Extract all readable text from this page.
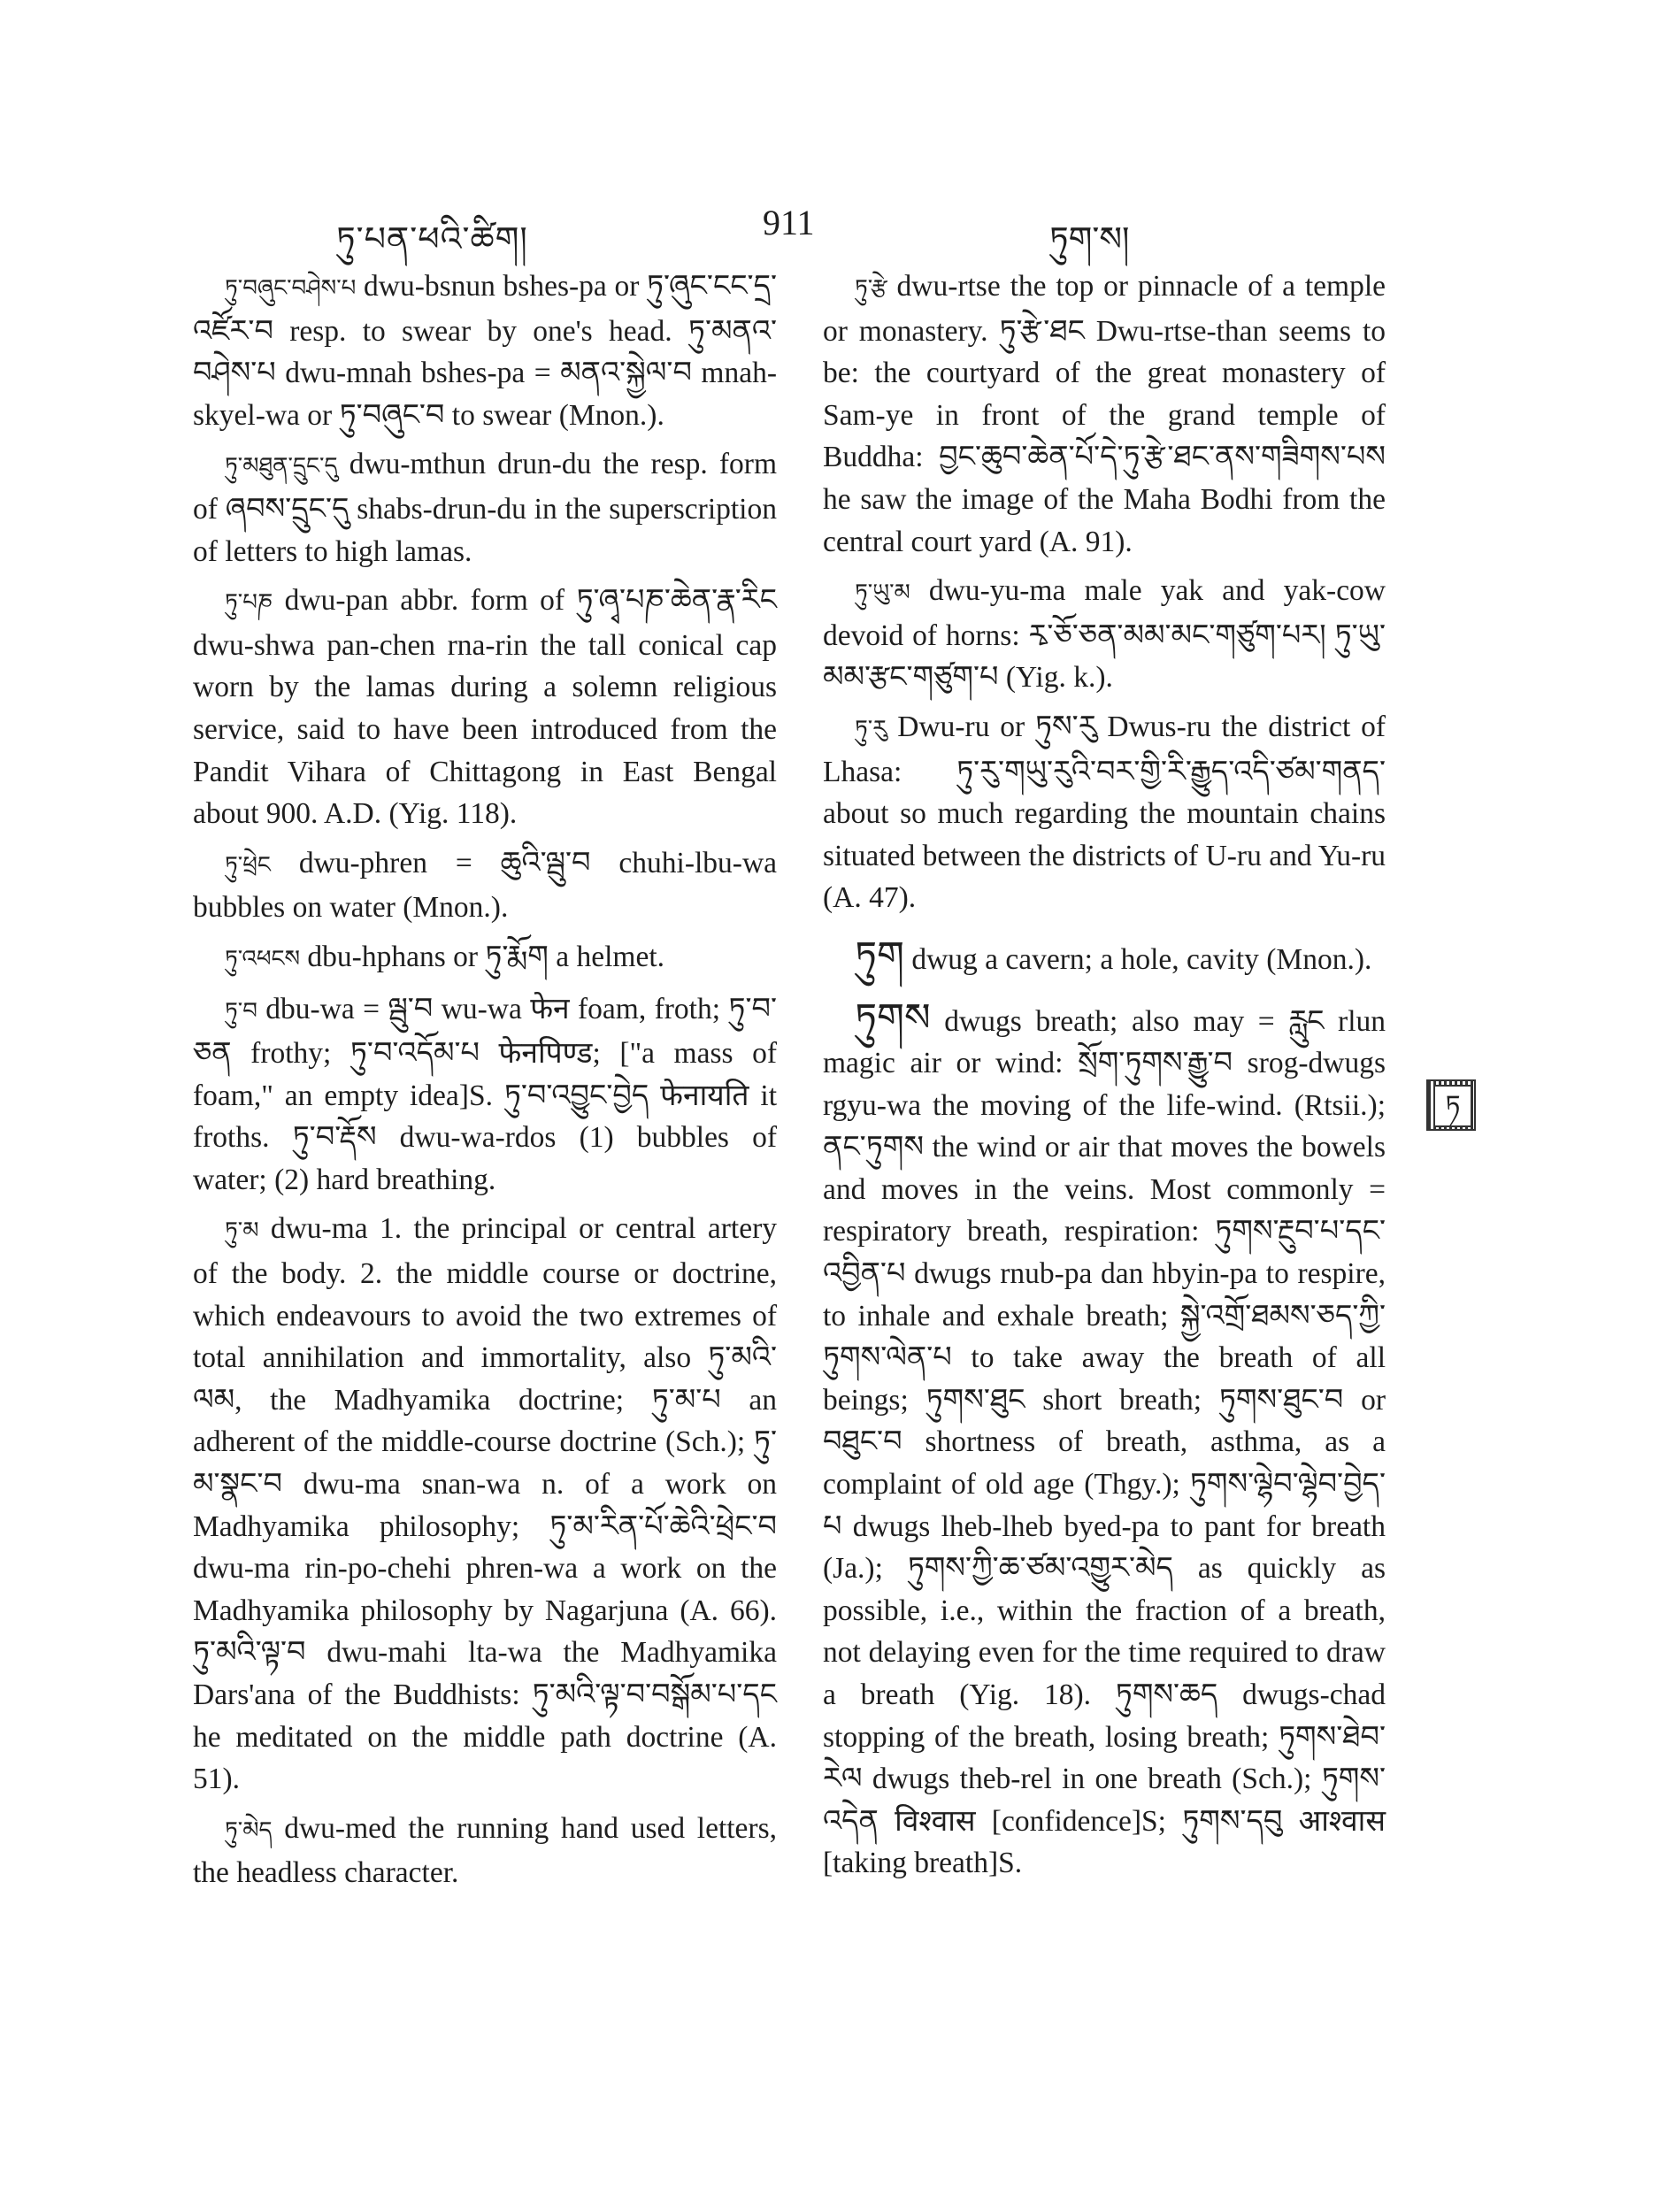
ཏུ་པན་ཕའི་ཚིག།	911	ཏུག་ས།

ཏུ་བཞུང་བཤེས་པ dwu-bsnun bshes-pa or ཏུ་ཞུང་ངང་དྲ་འཛོར་བ resp. to swear by one's head. ཏུ་མནའ་བཤེས་པ dwu-mnah bshes-pa = མནའ་སྐྱེལ་བ mnah-skyel-wa or ཏུ་བཞུང་བ to swear (Mnon.).

ཏུ་མཐུན་དྲུང་དུ dwu-mthun drun-du the resp. form of ཞབས་དྲུང་དུ shabs-drun-du in the superscription of letters to high lamas.

ཏུ་པཎ dwu-pan abbr. form of ཏུ་ཞྭ་པཎ་ཆེན་རྣ་རིང dwu-shwa pan-chen rna-rin the tall conical cap worn by the lamas during a solemn religious service, said to have been introduced from the Pandit Vihara of Chittagong in East Bengal about 900. A.D. (Yig. 118).

ཏུ་ཕྲེང dwu-phren = ཆུའི་ལྦུ་བ chuhi-lbu-wa bubbles on water (Mnon.).

ཏུ་འཕངས dbu-hphans or ཏུ་རྨོག a helmet.

ཏུ་བ dbu-wa = ལྦུ་བ wu-wa फेन foam, froth; ཏུ་བ་ཅན frothy; ཏུ་བ་འདོམ་པ फेनपिण्ड; ["a mass of foam," an empty idea]S. ཏུ་བ་འབྱུང་བྱེད फेनायति it froths. ཏུ་བ་རྡོས dwu-wa-rdos (1) bubbles of water; (2) hard breathing.

ཏུ་མ dwu-ma 1. the principal or central artery of the body. 2. the middle course or doctrine, which endeavours to avoid the two extremes of total annihilation and immortality, also ཏུ་མའི་ལམ, the Madhyamika doctrine; ཏུ་མ་པ an adherent of the middle-course doctrine (Sch.); ཏུ་མ་སྣང་བ dwu-ma snan-wa n. of a work on Madhyamika philosophy; ཏུ་མ་རིན་པོ་ཆེའི་ཕྲེང་བ dwu-ma rin-po-chehi phren-wa a work on the Madhyamika philosophy by Nagarjuna (A. 66). ཏུ་མའི་ལྟ་བ dwu-mahi lta-wa the Madhyamika Dars'ana of the Buddhists: ཏུ་མའི་ལྟ་བ་བསྒོམ་པ་དང he meditated on the middle path doctrine (A. 51).

ཏུ་མེད dwu-med the running hand used letters, the headless character.

ཏུ་རྩེ dwu-rtse the top or pinnacle of a temple or monastery. ཏུ་རྩེ་ཐང Dwu-rtse-than seems to be: the courtyard of the great monastery of Sam-ye in front of the grand temple of Buddha: བྱང་ཆུབ་ཆེན་པོ་དེ་ཏུ་རྩེ་ཐང་ནས་གཟིགས་པས he saw the image of the Maha Bodhi from the central court yard (A. 91).

ཏུ་ཡུ་མ dwu-yu-ma male yak and yak-cow devoid of horns: རྭ་ཅོ་ཅན་མམ་མང་གཙུག་པར། ཏུ་ཡུ་མམ་རྩང་གཙུག་པ (Yig. k.).

ཏུ་རུ Dwu-ru or ཏུས་རུ Dwus-ru the district of Lhasa: ཏུ་རུ་གཡུ་རུའི་བར་གྱི་རི་རྒྱུད་འདི་ཙམ་གནད་ about so much regarding the mountain chains situated between the districts of U-ru and Yu-ru (A. 47).

ཏུག dwug a cavern; a hole, cavity (Mnon.).

ཏུགས dwugs breath; also may = རླུང rlun magic air or wind: སྲོག་ཏུགས་རྒྱུ་བ srog-dwugs rgyu-wa the moving of the life-wind. (Rtsii.); ནང་ཏུགས the wind or air that moves the bowels and moves in the veins. Most commonly = respiratory breath, respiration: ཏུགས་རྔུབ་པ་དང་འབྱིན་པ dwugs rnub-pa dan hbyin-pa to respire, to inhale and exhale breath; སྐྱེ་འགྲོ་ཐམས་ཅད་ཀྱི་ཏུགས་ལེན་པ to take away the breath of all beings; ཏུགས་ཐུང short breath; ཏུགས་ཐུང་བ or བཐུང་བ shortness of breath, asthma, as a complaint of old age (Thgy.); ཏུགས་ལྷེབ་ལྷེབ་བྱེད་པ dwugs lheb-lheb byed-pa to pant for breath (Ja.); ཏུགས་ཀྱི་ཆ་ཙམ་འགྱུར་མེད as quickly as possible, i.e., within the fraction of a breath, not delaying even for the time required to draw a breath (Yig. 18). ཏུགས་ཆད dwugs-chad stopping of the breath, losing breath; ཏུགས་ཐེབ་རེལ dwugs theb-rel in one breath (Sch.); ཏུགས་འདེན विश्वास [confidence]S; ཏུགས་དབུ आश्वास [taking breath]S.

ཏ
